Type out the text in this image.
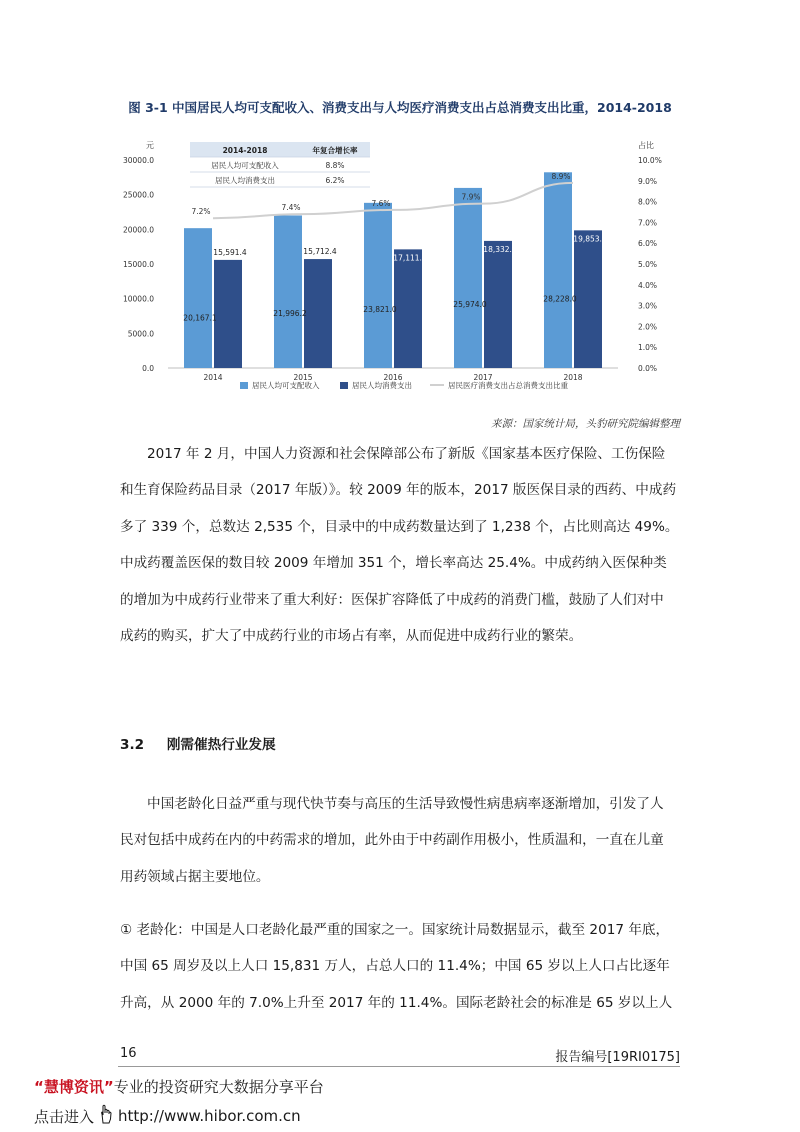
图 3-1 中国居民人均可支配收入、消费支出与人均医疗消费支出占总消费支出比重，2014-2018
元	占比
0.0
5000.0
10000.0
15000.0
20000.0
25000.0
30000.0
0.0%
1.0%
2.0%
3.0%
4.0%
5.0%
6.0%
7.0%
8.0%
9.0%
10.0%
20,167.1
15,591.4
2014
21,996.2
15,712.4
2015
23,821.0
17,111.0
2016
25,974.0
18,332.0
2017
28,228.0
19,853.0
2018
7.2%	7.4%	7.6%
7.9%
8.9%
2014-2018	年复合增长率
居民人均可支配收入	8.8%
居民人均消费支出	6.2%
居民人均可支配收入	居民人均消费支出	居民医疗消费支出占总消费支出比重
来源：国家统计局，头豹研究院编辑整理
2017 年 2 月，中国人力资源和社会保障部公布了新版《国家基本医疗保险、工伤保险
和生育保险药品目录（2017 年版）》。较 2009 年的版本，2017 版医保目录的西药、中成药
多了 339 个，总数达 2,535 个，目录中的中成药数量达到了 1,238 个，占比则高达 49%。
中成药覆盖医保的数目较 2009 年增加 351 个，增长率高达 25.4%。中成药纳入医保种类
的增加为中成药行业带来了重大利好：医保扩容降低了中成药的消费门槛，鼓励了人们对中
成药的购买，扩大了中成药行业的市场占有率，从而促进中成药行业的繁荣。
3.2 刚需催热行业发展
中国老龄化日益严重与现代快节奏与高压的生活导致慢性病患病率逐渐增加，引发了人
民对包括中成药在内的中药需求的增加，此外由于中药副作用极小，性质温和，一直在儿童
用药领域占据主要地位。
① 老龄化：中国是人口老龄化最严重的国家之一。国家统计局数据显示，截至 2017 年底，
中国 65 周岁及以上人口 15,831 万人，占总人口的 11.4%；中国 65 岁以上人口占比逐年
升高，从 2000 年的 7.0%上升至 2017 年的 11.4%。国际老龄社会的标准是 65 岁以上人
16	报告编号[19RI0175]
“慧博资讯”专业的投资研究大数据分享平台
点击进入 http://www.hibor.com.cn
